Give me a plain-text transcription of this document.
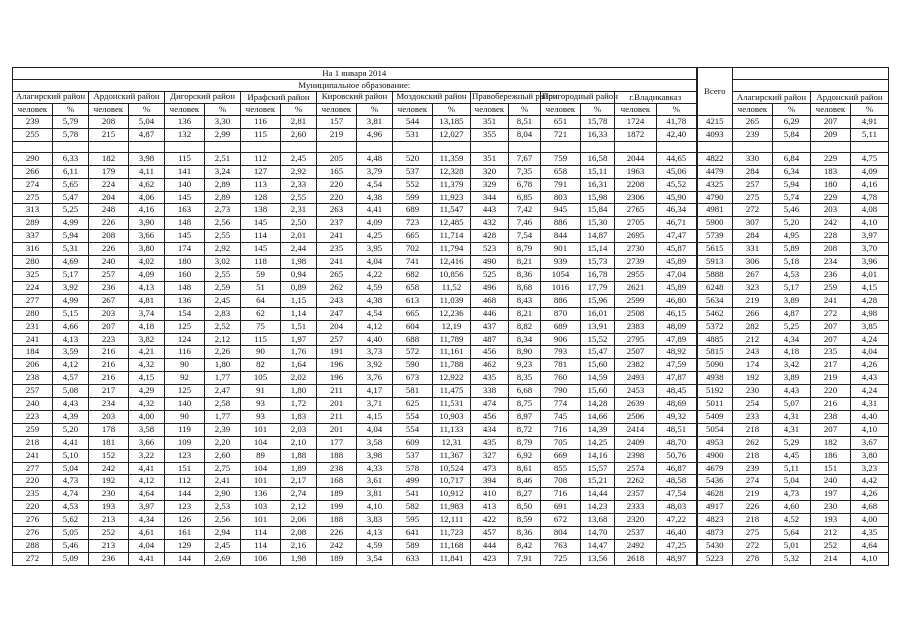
На 1 января 2014																		Всего				
Муниципальное образование:																						
Алагирский район		Ардонский район		Дигорский район		Ирафский район		Кировский район		Моздокский район		Правобережный район		Пригородный район		г.Владикавказ			Алагирский район		Ардонский район	
человек	%	человек	%	человек	%	человек	%	человек	%	человек	%	человек	%	человек	%	человек	%		человек	%	человек	%
239	5,79	208	5,04	136	3,30	116	2,81	157	3,81	544	13,185	351	8,51	651	15,78	1724	41,78	4215	265	6,29	207	4,91
255	5,78	215	4,87	132	2,99	115	2,60	219	4,96	531	12,027	355	8,04	721	16,33	1872	42,40	4093	239	5,84	209	5,11

290	6,33	182	3,98	115	2,51	112	2,45	205	4,48	520	11,359	351	7,67	759	16,58	2044	44,65	4822	330	6,84	229	4,75
266	6,11	179	4,11	141	3,24	127	2,92	165	3,79	537	12,328	320	7,35	658	15,11	1963	45,06	4479	284	6,34	183	4,09
274	5,65	224	4,62	140	2,89	113	2,33	220	4,54	552	11,379	329	6,78	791	16,31	2208	45,52	4325	257	5,94	180	4,16
275	5,47	204	4,06	145	2,89	128	2,55	220	4,38	599	11,923	344	6,85	803	15,98	2306	45,90	4790	275	5,74	229	4,78
313	5,25	248	4,16	163	2,73	138	2,31	263	4,41	689	11,547	443	7,42	945	15,84	2765	46,34	4981	272	5,46	203	4,08
289	4,99	226	3,90	148	2,56	145	2,50	237	4,09	723	12,485	432	7,46	886	15,30	2705	46,71	5900	307	5,20	242	4,10
337	5,94	208	3,66	145	2,55	114	2,01	241	4,25	665	11,714	428	7,54	844	14,87	2695	47,47	5739	284	4,95	228	3,97
316	5,31	226	3,80	174	2,92	145	2,44	235	3,95	702	11,794	523	8,79	901	15,14	2730	45,87	5615	331	5,89	208	3,70
280	4,69	240	4,02	180	3,02	118	1,98	241	4,04	741	12,416	490	8,21	939	15,73	2739	45,89	5913	306	5,18	234	3,96
325	5,17	257	4,09	160	2,55	59	0,94	265	4,22	682	10,856	525	8,36	1054	16,78	2955	47,04	5888	267	4,53	236	4,01
224	3,92	236	4,13	148	2,59	51	0,89	262	4,59	658	11,52	496	8,68	1016	17,79	2621	45,89	6248	323	5,17	259	4,15
277	4,99	267	4,81	136	2,45	64	1,15	243	4,38	613	11,039	468	8,43	886	15,96	2599	46,80	5634	219	3,89	241	4,28
280	5,15	203	3,74	154	2,83	62	1,14	247	4,54	665	12,236	446	8,21	870	16,01	2508	46,15	5462	266	4,87	272	4,98
231	4,66	207	4,18	125	2,52	75	1,51	204	4,12	604	12,19	437	8,82	689	13,91	2383	48,09	5372	282	5,25	207	3,85
241	4,13	223	3,82	124	2,12	115	1,97	257	4,40	688	11,789	487	8,34	906	15,52	2795	47,89	4885	212	4,34	207	4,24
184	3,59	216	4,21	116	2,26	90	1,76	191	3,73	572	11,161	456	8,90	793	15,47	2507	48,92	5815	243	4,18	235	4,04
206	4,12	216	4,32	90	1,80	82	1,64	196	3,92	590	11,788	462	9,23	781	15,60	2382	47,59	5090	174	3,42	217	4,26
238	4,57	216	4,15	92	1,77	105	2,02	196	3,76	673	12,922	435	8,35	760	14,59	2493	47,87	4938	192	3,89	219	4,43
257	5,08	217	4,29	125	2,47	91	1,80	211	4,17	581	11,475	338	6,68	790	15,60	2453	48,45	5192	230	4,43	220	4,24
240	4,43	234	4,32	140	2,58	93	1,72	201	3,71	625	11,531	474	8,75	774	14,28	2639	48,69	5011	254	5,07	216	4,31
223	4,39	203	4,00	90	1,77	93	1,83	211	4,15	554	10,903	456	8,97	745	14,66	2506	49,32	5409	233	4,31	238	4,40
259	5,20	178	3,58	119	2,39	101	2,03	201	4,04	554	11,133	434	8,72	716	14,39	2414	48,51	5054	218	4,31	207	4,10
218	4,41	181	3,66	109	2,20	104	2,10	177	3,58	609	12,31	435	8,79	705	14,25	2409	48,70	4953	262	5,29	182	3,67
241	5,10	152	3,22	123	2,60	89	1,88	188	3,98	537	11,367	327	6,92	669	14,16	2398	50,76	4900	218	4,45	186	3,80
277	5,04	242	4,41	151	2,75	104	1,89	238	4,33	578	10,524	473	8,61	855	15,57	2574	46,87	4679	239	5,11	151	3,23
220	4,73	192	4,12	112	2,41	101	2,17	168	3,61	499	10,717	394	8,46	708	15,21	2262	48,58	5436	274	5,04	240	4,42
235	4,74	230	4,64	144	2,90	136	2,74	189	3,81	541	10,912	410	8,27	716	14,44	2357	47,54	4628	219	4,73	197	4,26
220	4,53	193	3,97	123	2,53	103	2,12	199	4,10	582	11,983	413	8,50	691	14,23	2333	48,03	4917	226	4,60	230	4,68
276	5,62	213	4,34	126	2,56	101	2,06	188	3,83	595	12,111	422	8,59	672	13,68	2320	47,22	4823	218	4,52	193	4,00
276	5,05	252	4,61	161	2,94	114	2,08	226	4,13	641	11,723	457	8,36	804	14,70	2537	46,40	4873	275	5,64	212	4,35
288	5,46	213	4,04	129	2,45	114	2,16	242	4,59	589	11,168	444	8,42	763	14,47	2492	47,25	5430	272	5,01	252	4,64
272	5,09	236	4,41	144	2,69	106	1,98	189	3,54	633	11,841	423	7,91	725	13,56	2618	48,97	5223	278	5,32	214	4,10
